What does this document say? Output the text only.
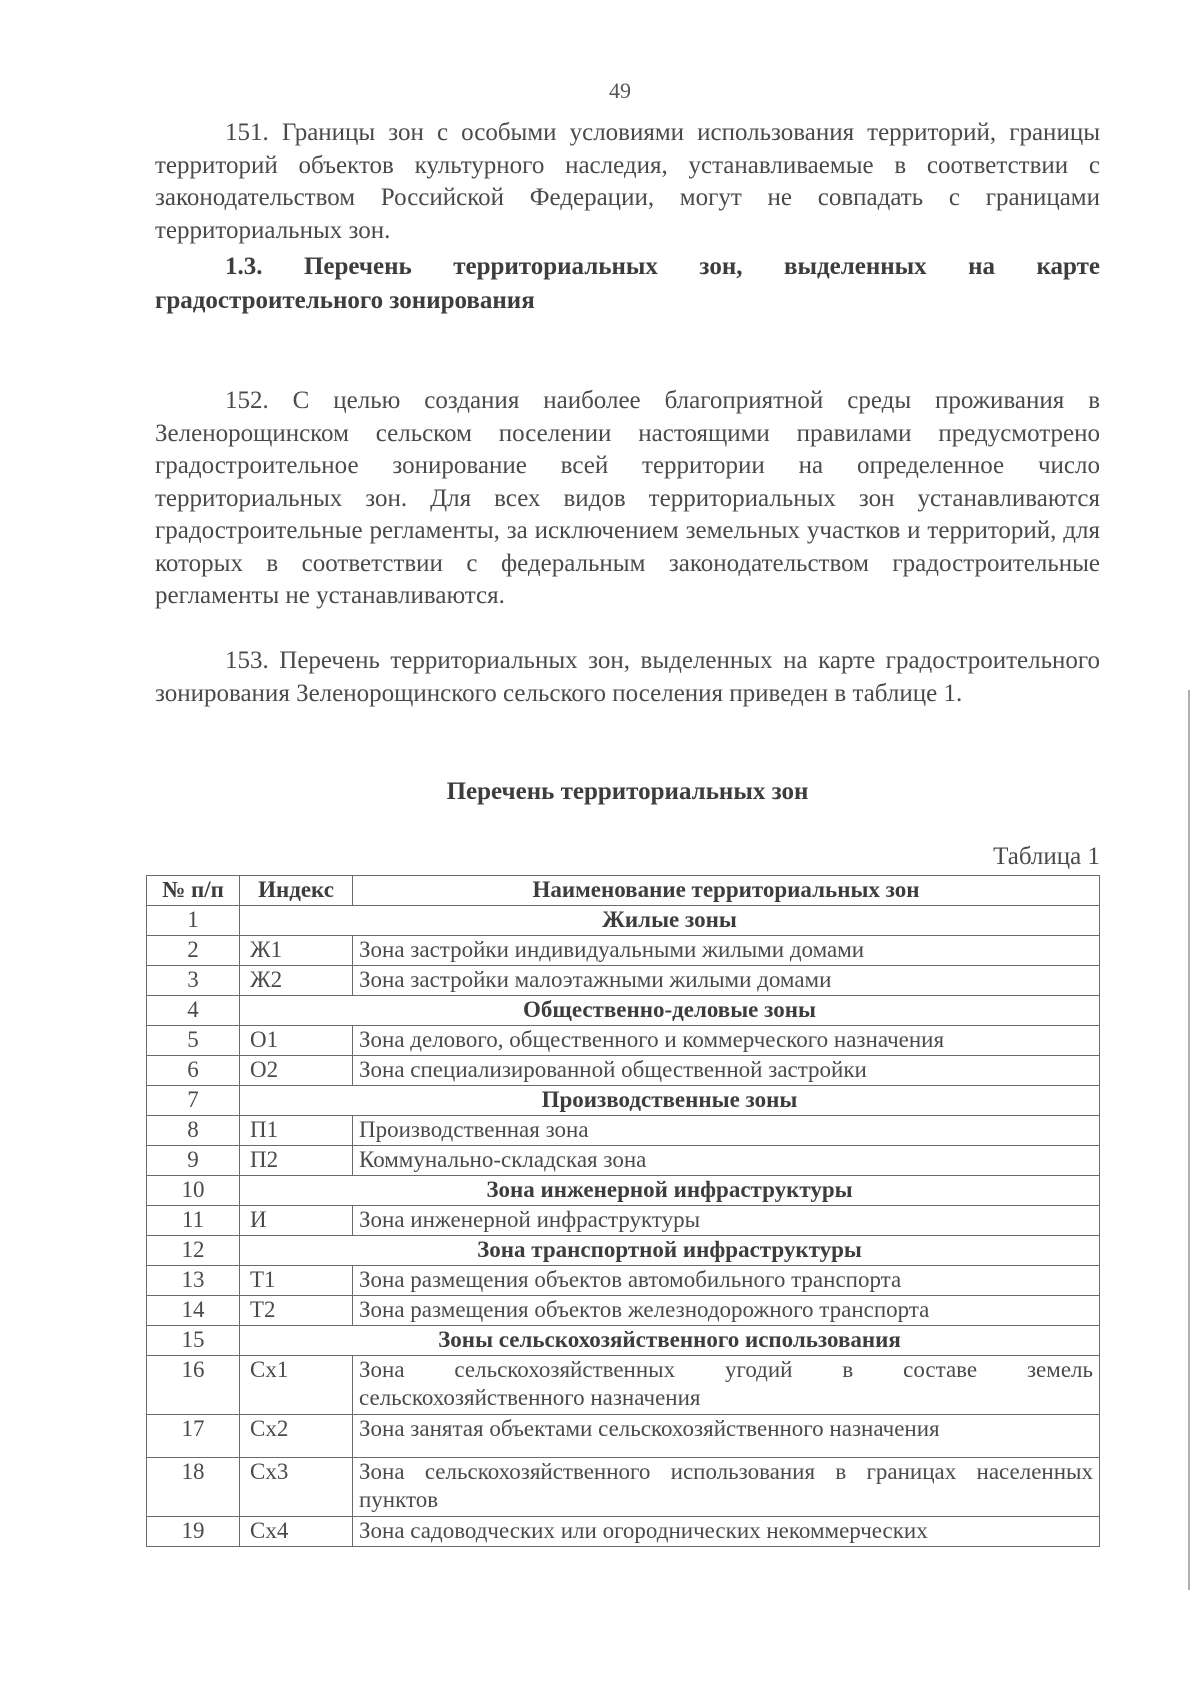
49

151. Границы зон с особыми условиями использования территорий, границы территорий объектов культурного наследия, устанавливаемые в соответствии с законодательством Российской Федерации, могут не совпадать с границами территориальных зон.

1.3. Перечень территориальных зон, выделенных на карте градостроительного зонирования

152. С целью создания наиболее благоприятной среды проживания в Зеленорощинском сельском поселении настоящими правилами предусмотрено градостроительное зонирование всей территории на определенное число территориальных зон. Для всех видов территориальных зон устанавливаются градостроительные регламенты, за исключением земельных участков и территорий, для которых в соответствии с федеральным законодательством градостроительные регламенты не устанавливаются.

153. Перечень территориальных зон, выделенных на карте градостроительного зонирования Зеленорощинского сельского поселения приведен в таблице 1.

Перечень территориальных зон
Таблица 1
№ п/п	Индекс	Наименование территориальных зон
1	Жилые зоны	
2	Ж1	Зона застройки индивидуальными жилыми домами
3	Ж2	Зона застройки малоэтажными жилыми домами
4	Общественно-деловые зоны	
5	О1	Зона делового, общественного и коммерческого назначения
6	О2	Зона специализированной общественной застройки
7	Производственные зоны	
8	П1	Производственная зона
9	П2	Коммунально-складская зона
10	Зона инженерной инфраструктуры	
11	И	Зона инженерной инфраструктуры
12	Зона транспортной инфраструктуры	
13	Т1	Зона размещения объектов автомобильного транспорта
14	Т2	Зона размещения объектов железнодорожного транспорта
15	Зоны сельскохозяйственного использования	
16	Сх1	Зона сельскохозяйственных угодий в составе земель сельскохозяйственного назначения
17	Сх2	Зона занятая объектами сельскохозяйственного назначения
18	Сх3	Зона сельскохозяйственного использования в границах населенных пунктов
19	Сх4	Зона садоводческих или огороднических некоммерческих
